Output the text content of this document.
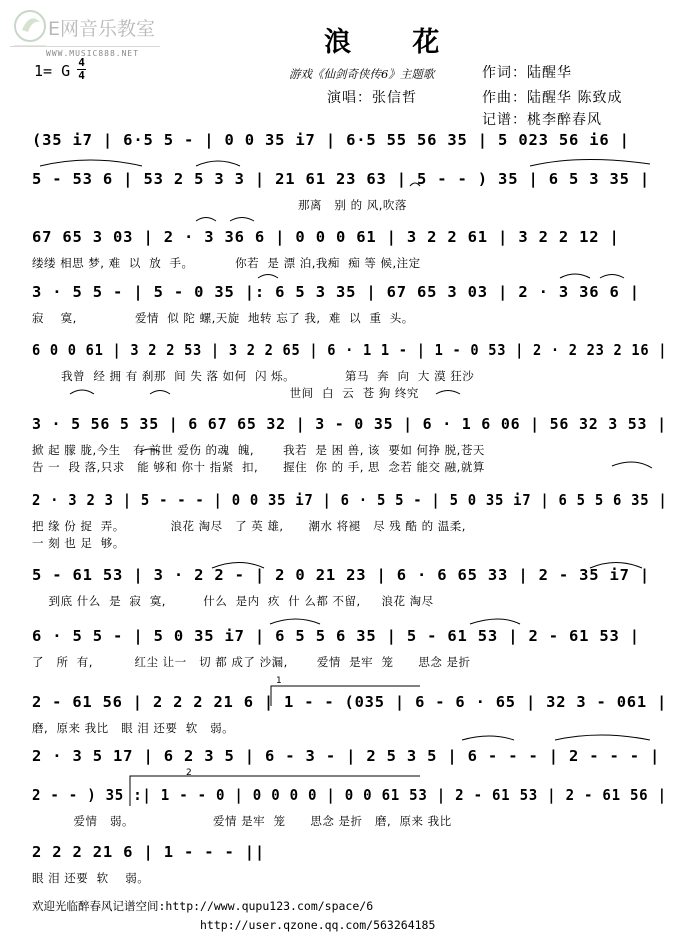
E网音乐教室
WWW.MUSIC888.NET	浪 花
1= G 4
4	游戏《仙剑奇侠传6》主题歌	作词：陆醒华
演唱：张信哲	作曲：陆醒华 陈致成
记谱：桃李醉春风
(35 i7 | 6·5 5 - | 0 0 35 i7 | 6·5 55 56 35 | 5 023 56 i6 |
5 - 53 6 | 53 2 5 3 3 | 21 61 23 63 | 5 - - ) 35 | 6 5 3 35 |
那离   别 的 风,吹落
67 65 3 03 | 2 · 3 36 6 | 0 0 0 61 | 3 2 2 61 | 3 2 2 12 |
缕缕 相思 梦, 难  以  放  手。          你若  是 漂 泊,我痴  痴 等 候,注定
3 · 5 5 - | 5 - 0 35 |: 6 5 3 35 | 67 65 3 03 | 2 · 3 36 6 |
寂    寞,              爱情  似 陀 螺,天旋  地转 忘了 我,  难  以  重  头。
6 0 0 61 | 3 2 2 53 | 3 2 2 65 | 6 · 1 1 - | 1 - 0 53 | 2 · 2 23 2 16 |
我曾  经 拥 有 刹那  间 失 落 如何  闪 烁。            第马  奔  向  大 漠 狂沙
世间  白  云  苍 狗 终究
3 · 5 56 5 35 | 6 67 65 32 | 3 - 0 35 | 6 · 1 6 06 | 56 32 3 53 |
掀 起 朦 胧,今生   有 前世 爱伤 的魂  魄,       我若  是 困 兽, 该  要如 何挣 脱,苍天
告 一  段 落,只求   能 够和 你十 指紧  扣,      握住  你 的 手, 思  念若 能交 融,就算
2 · 3 2 3 | 5 - - - | 0 0 35 i7 | 6 · 5 5 - | 5 0 35 i7 | 6 5 5 6 35 |
把 缘 份 捉  弄。           浪花 淘尽   了 英 雄,      潮水 将褪   尽 残 酷 的 温柔,
一 刻 也 足  够。
5 - 61 53 | 3 · 2 2 - | 2 0 21 23 | 6 · 6 65 33 | 2 - 35 i7 |
到底 什么  是  寂  寞,         什么  是内  疚  什 么都 不留,     浪花 淘尽
6 · 5 5 - | 5 0 35 i7 | 6 5 5 6 35 | 5 - 61 53 | 2 - 61 53 |
了   所  有,          红尘 让一   切 都 成了 沙漏,       爱情  是牢  笼      思念 是折
2 - 61 56 | 2 2 2 21 6 | 1 - - (035 | 6 - 6 · 65 | 32 3 - 061 |
磨,  原来 我比   眼 泪 还要  软   弱。
2 · 3 5 17 | 6 2 3 5 | 6 - 3 - | 2 5 3 5 | 6 - - - | 2 - - - |
2 - - ) 35 :| 1 - - 0 | 0 0 0 0 | 0 0 61 53 | 2 - 61 53 | 2 - 61 56 |
爱情   弱。                   爱情 是牢  笼      思念 是折   磨,  原来 我比
2 2 2 21 6 | 1 - - - ||
眼 泪 还要  软    弱。
1
2
欢迎光临醉春风记谱空间:http://www.qupu123.com/space/6
http://user.qzone.qq.com/563264185
